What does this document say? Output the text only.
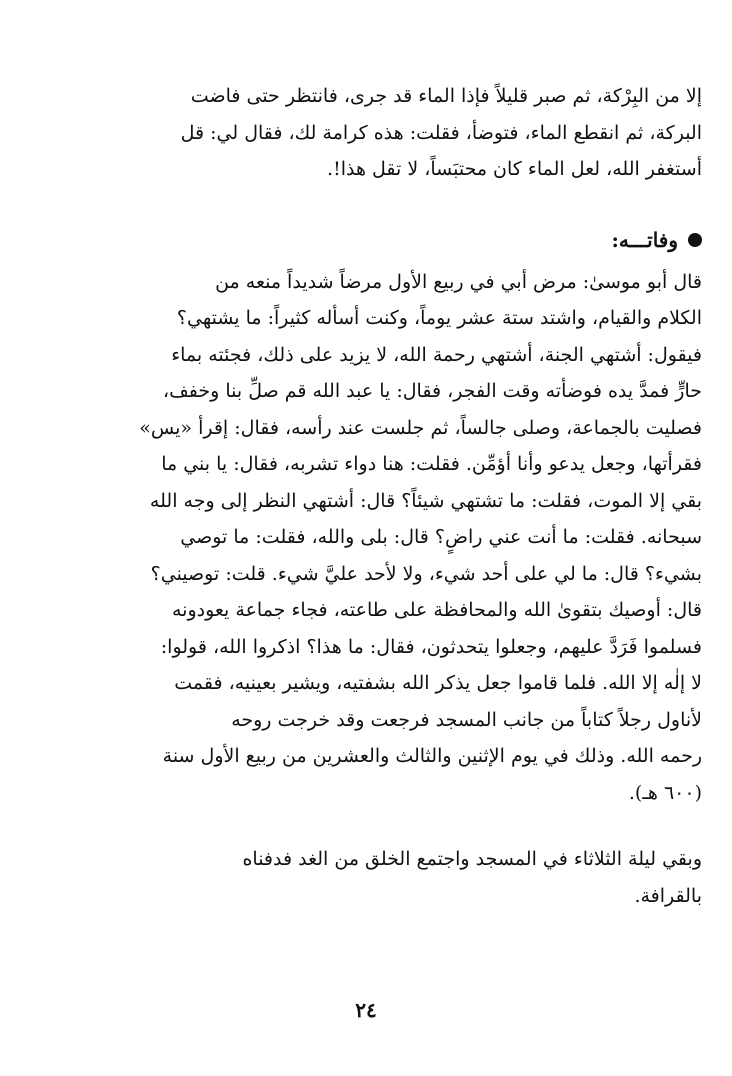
إلا من البِرْكة، ثم صبر قليلاً فإذا الماء قد جرى، فانتظر حتى فاضت
البركة، ثم انقطع الماء، فتوضأ، فقلت: هذه كرامة لك، فقال لي: قل
أستغفر الله، لعل الماء كان محتبَساً، لا تقل هذا!.

وفاتـــه:

قال أبو موسىٰ: مرض أبي في ربيع الأول مرضاً شديداً منعه من
الكلام والقيام، واشتد ستة عشر يوماً، وكنت أسأله كثيراً: ما يشتهي؟
فيقول: أشتهي الجنة، أشتهي رحمة الله، لا يزيد على ذلك، فجئته بماء
حارٍّ فمدَّ يده فوضأته وقت الفجر، فقال: يا عبد الله قم صلِّ بنا وخفف،
فصليت بالجماعة، وصلى جالساً، ثم جلست عند رأسه، فقال: إقرأ «يس»
فقرأتها، وجعل يدعو وأنا أؤمِّن. فقلت: هنا دواء تشربه، فقال: يا بني ما
بقي إلا الموت، فقلت: ما تشتهي شيئاً؟ قال: أشتهي النظر إلى وجه الله
سبحانه. فقلت: ما أنت عني راضٍ؟ قال: بلى والله، فقلت: ما توصي
بشيء؟ قال: ما لي على أحد شيء، ولا لأحد عليَّ شيء. قلت: توصيني؟
قال: أوصيك بتقوىٰ الله والمحافظة على طاعته، فجاء جماعة يعودونه
فسلموا فَرَدَّ عليهم، وجعلوا يتحدثون، فقال: ما هذا؟ اذكروا الله، قولوا:
لا إلٰه إلا الله. فلما قاموا جعل يذكر الله بشفتيه، ويشير بعينيه، فقمت
لأناول رجلاً كتاباً من جانب المسجد فرجعت وقد خرجت روحه
رحمه الله. وذلك في يوم الإثنين والثالث والعشرين من ربيع الأول سنة
(٦٠٠ هـ).

وبقي ليلة الثلاثاء في المسجد واجتمع الخلق من الغد فدفناه
بالقرافة.

٢٤
